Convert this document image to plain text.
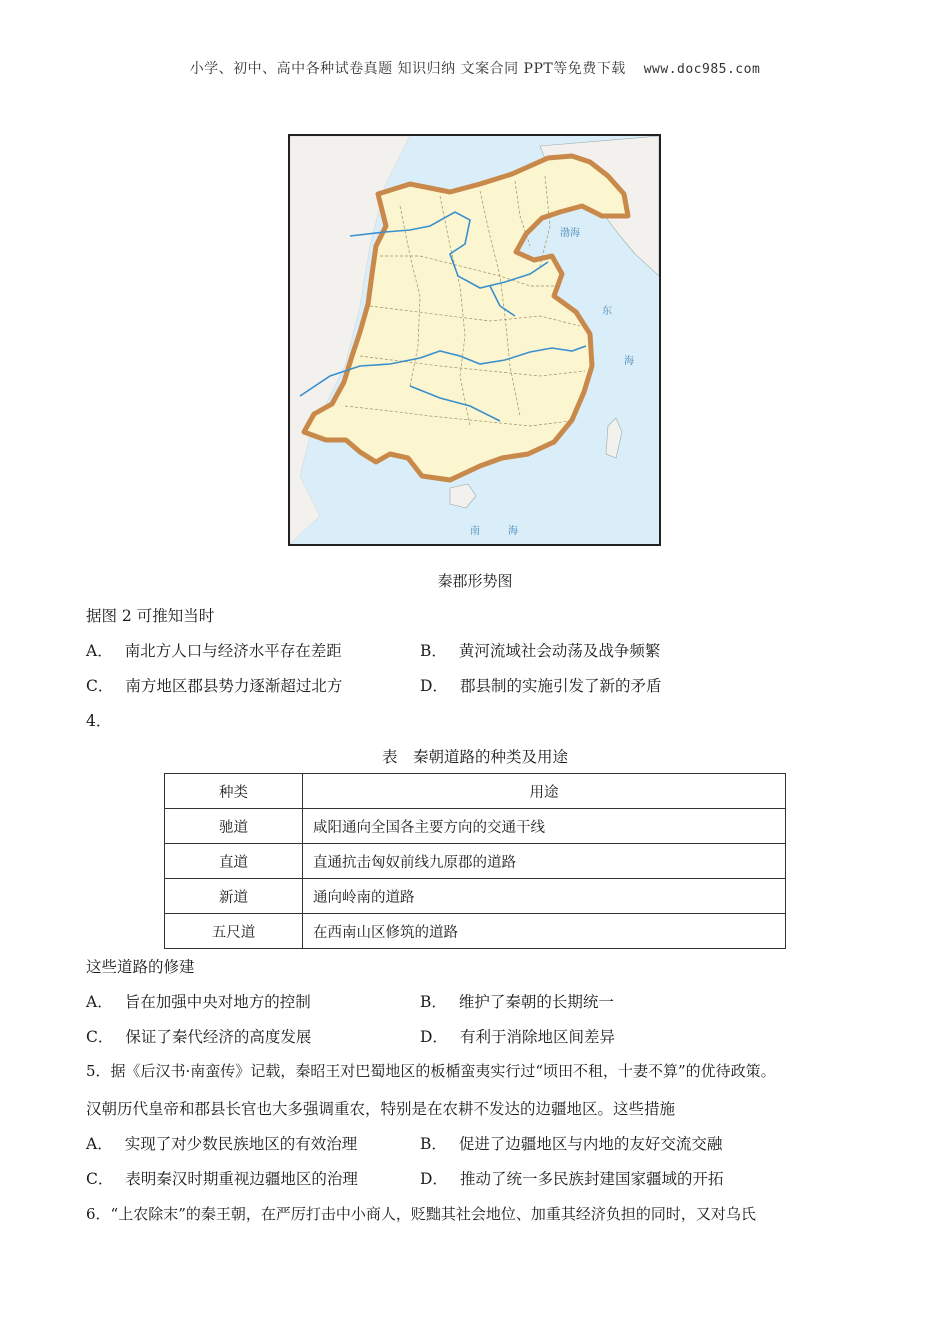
小学、初中、高中各种试卷真题 知识归纳 文案合同 PPT等免费下载 www.doc985.com
渤海
东
海
南	海
秦郡形势图
据图 2 可推知当时
A． 南北方人口与经济水平存在差距	B． 黄河流域社会动荡及战争频繁
C． 南方地区郡县势力逐渐超过北方	D． 郡县制的实施引发了新的矛盾
4．
表　秦朝道路的种类及用途
种类	用途
驰道	咸阳通向全国各主要方向的交通干线
直道	直通抗击匈奴前线九原郡的道路
新道	通向岭南的道路
五尺道	在西南山区修筑的道路
这些道路的修建
A． 旨在加强中央对地方的控制	B． 维护了秦朝的长期统一
C． 保证了秦代经济的高度发展	D． 有利于消除地区间差异
5．据《后汉书·南蛮传》记载，秦昭王对巴蜀地区的板楯蛮夷实行过“顷田不租，十妻不算”的优待政策。
汉朝历代皇帝和郡县长官也大多强调重农，特别是在农耕不发达的边疆地区。这些措施
A． 实现了对少数民族地区的有效治理	B． 促进了边疆地区与内地的友好交流交融
C． 表明秦汉时期重视边疆地区的治理	D． 推动了统一多民族封建国家疆域的开拓
6．“上农除末”的秦王朝，在严厉打击中小商人，贬黜其社会地位、加重其经济负担的同时，又对乌氏
